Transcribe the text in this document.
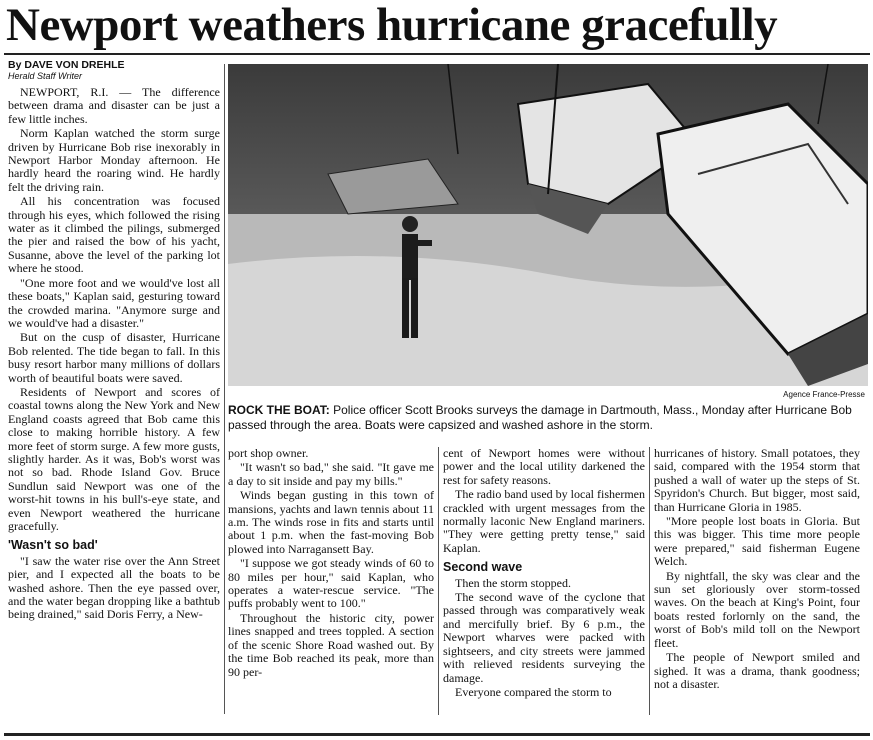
Newport weathers hurricane gracefully
By DAVE VON DREHLE
Herald Staff Writer

NEWPORT, R.I. — The difference between drama and disaster can be just a few little inches.

Norm Kaplan watched the storm surge driven by Hurricane Bob rise inexorably in Newport Harbor Monday afternoon. He hardly heard the roaring wind. He hardly felt the driving rain.

All his concentration was focused through his eyes, which followed the rising water as it climbed the pilings, submerged the pier and raised the bow of his yacht, Susanne, above the level of the parking lot where he stood.

"One more foot and we would've lost all these boats," Kaplan said, gesturing toward the crowded marina. "Anymore surge and we would've had a disaster."

But on the cusp of disaster, Hurricane Bob relented. The tide began to fall. In this busy resort harbor many millions of dollars worth of beautiful boats were saved.

Residents of Newport and scores of coastal towns along the New York and New England coasts agreed that Bob came this close to making horrible history. A few more feet of storm surge. A few more gusts, slightly harder. As it was, Bob's worst was not so bad. Rhode Island Gov. Bruce Sundlun said Newport was one of the worst-hit towns in his bull's-eye state, and even Newport weathered the hurricane gracefully.

'Wasn't so bad'

"I saw the water rise over the Ann Street pier, and I expected all the boats to be washed ashore. Then the eye passed over, and the water began dropping like a bathtub being drained," said Doris Ferry, a New-

Agence France-Presse
ROCK THE BOAT: Police officer Scott Brooks surveys the damage in Dartmouth, Mass., Monday after Hurricane Bob passed through the area. Boats were capsized and washed ashore in the storm.

port shop owner.

"It wasn't so bad," she said. "It gave me a day to sit inside and pay my bills."

Winds began gusting in this town of mansions, yachts and lawn tennis about 11 a.m. The winds rose in fits and starts until about 1 p.m. when the fast-moving Bob plowed into Narragansett Bay.

"I suppose we got steady winds of 60 to 80 miles per hour," said Kaplan, who operates a water-rescue service. "The puffs probably went to 100."

Throughout the historic city, power lines snapped and trees toppled. A section of the scenic Shore Road washed out. By the time Bob reached its peak, more than 90 per-

cent of Newport homes were without power and the local utility darkened the rest for safety reasons.

The radio band used by local fishermen crackled with urgent messages from the normally laconic New England mariners. "They were getting pretty tense," said Kaplan.

Second wave

Then the storm stopped.

The second wave of the cyclone that passed through was comparatively weak and mercifully brief. By 6 p.m., the Newport wharves were packed with sightseers, and city streets were jammed with relieved residents surveying the damage.

Everyone compared the storm to

hurricanes of history. Small potatoes, they said, compared with the 1954 storm that pushed a wall of water up the steps of St. Spyridon's Church. But bigger, most said, than Hurricane Gloria in 1985.

"More people lost boats in Gloria. But this was bigger. This time more people were prepared," said fisherman Eugene Welch.

By nightfall, the sky was clear and the sun set gloriously over storm-tossed waves. On the beach at King's Point, four boats rested forlornly on the sand, the worst of Bob's mild toll on the Newport fleet.

The people of Newport smiled and sighed. It was a drama, thank goodness; not a disaster.
